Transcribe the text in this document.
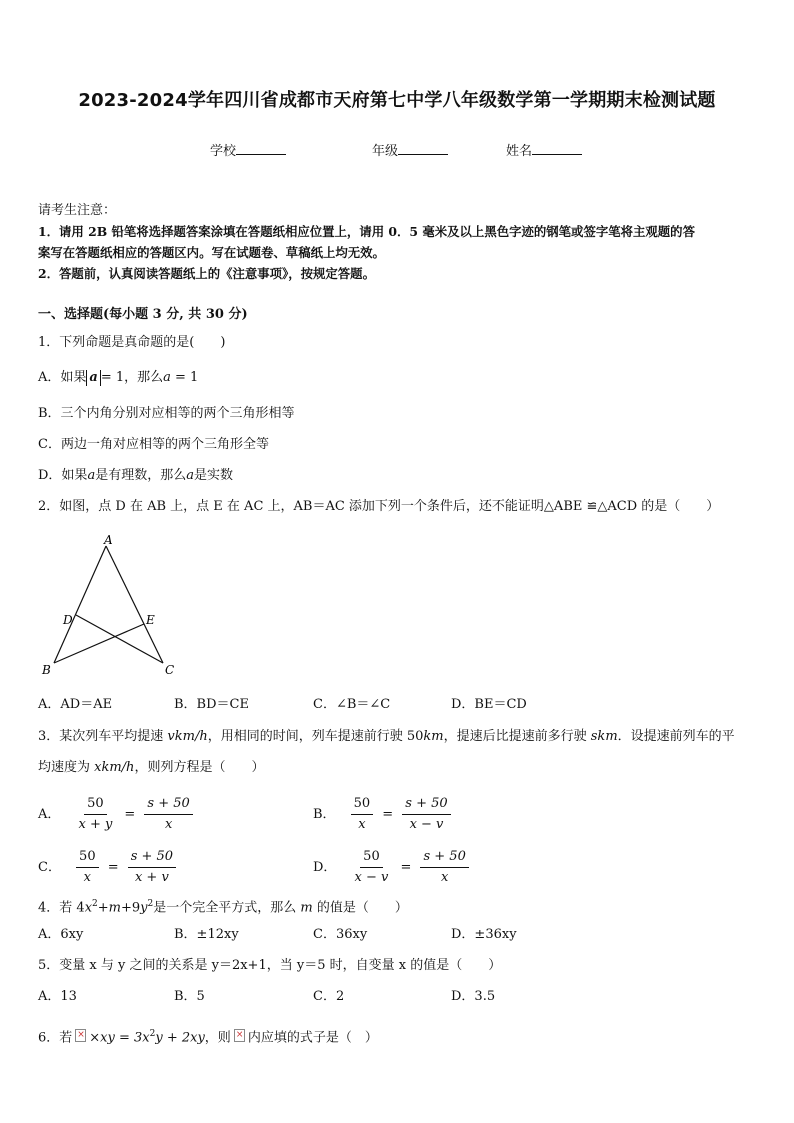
2023-2024学年四川省成都市天府第七中学八年级数学第一学期期末检测试题
学校	年级	姓名
请考生注意：
1．请用 2B 铅笔将选择题答案涂填在答题纸相应位置上，请用 0．5 毫米及以上黑色字迹的钢笔或签字笔将主观题的答
案写在答题纸相应的答题区内。写在试题卷、草稿纸上均无效。
2．答题前，认真阅读答题纸上的《注意事项》，按规定答题。
一、选择题(每小题 3 分, 共 30 分)
1．下列命题是真命题的是(　　)
A．如果 a = 1，那么a = 1
B．三个内角分别对应相等的两个三角形相等
C．两边一角对应相等的两个三角形全等
D．如果a是有理数，那么a是实数
2．如图，点 D 在 AB 上，点 E 在 AC 上，AB＝AC 添加下列一个条件后，还不能证明△ABE ≌△ACD 的是（　　）
A
B	C
D	E
A．AD＝AE	B．BD＝CE	C．∠B＝∠C	D．BE＝CD
3．某次列车平均提速 vkm/h，用相同的时间，列车提速前行驶 50km，提速后比提速前多行驶 skm．设提速前列车的平
均速度为 xkm/h，则列方程是（　　）
A． $\frac{50}{x + y} = \frac{s + 50}{x}$	B． $\frac{50}{x} = \frac{s + 50}{x - v}$
C． $\frac{50}{x} = \frac{s + 50}{x + v}$	D． $\frac{50}{x - v} = \frac{s + 50}{x}$
4．若 $4x^2+m+9y^2$是一个完全平方式，那么 m 的值是（　　）
A．6xy	B．±12xy	C．36xy	D．±36xy
5．变量 x 与 y 之间的关系是 y＝2x+1，当 y＝5 时，自变量 x 的值是（　　）
A．13	B．5	C．2	D．3.5
6．若 × $\times xy = 3x^2y + 2xy$，则 × 内应填的式子是（　）
